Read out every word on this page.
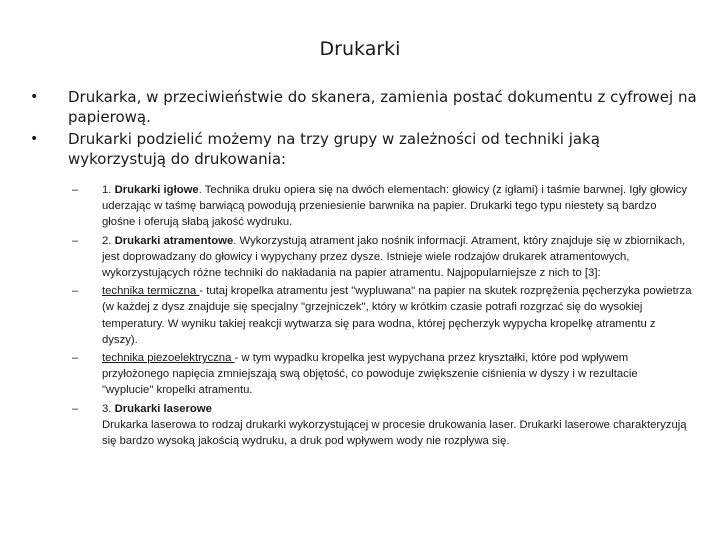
Drukarki
• Drukarka, w przeciwieństwie do skanera, zamienia postać dokumentu z cyfrowej na papierową.
• Drukarki podzielić możemy na trzy grupy w zależności od techniki jaką wykorzystują do drukowania:
– 1. Drukarki igłowe. Technika druku opiera się na dwóch elementach: głowicy (z igłami) i taśmie barwnej. Igły głowicy uderzając w taśmę barwiącą powodują przeniesienie barwnika na papier. Drukarki tego typu niestety są bardzo głośne i oferują słabą jakość wydruku.
– 2. Drukarki atramentowe. Wykorzystują atrament jako nośnik informacji. Atrament, który znajduje się w zbiornikach, jest doprowadzany do głowicy i wypychany przez dysze. Istnieje wiele rodzajów drukarek atramentowych, wykorzystujących różne techniki do nakładania na papier atramentu. Najpopularniejsze z nich to [3]:
– technika termiczna - tutaj kropelka atramentu jest "wypluwana" na papier na skutek rozprężenia pęcherzyka powietrza (w każdej z dysz znajduje się specjalny "grzejniczek", który w krótkim czasie potrafi rozgrzać się do wysokiej temperatury. W wyniku takiej reakcji wytwarza się para wodna, której pęcherzyk wypycha kropelkę atramentu z dyszy).
– technika piezoelektryczna - w tym wypadku kropelka jest wypychana przez kryształki, które pod wpływem przyłożonego napięcia zmniejszają swą objętość, co powoduje zwiększenie ciśnienia w dyszy i w rezultacie "wyplucie" kropelki atramentu.
– 3. Drukarki laserowe
Drukarka laserowa to rodzaj drukarki wykorzystującej w procesie drukowania laser. Drukarki laserowe charakteryzują się bardzo wysoką jakością wydruku, a druk pod wpływem wody nie rozpływa się.
